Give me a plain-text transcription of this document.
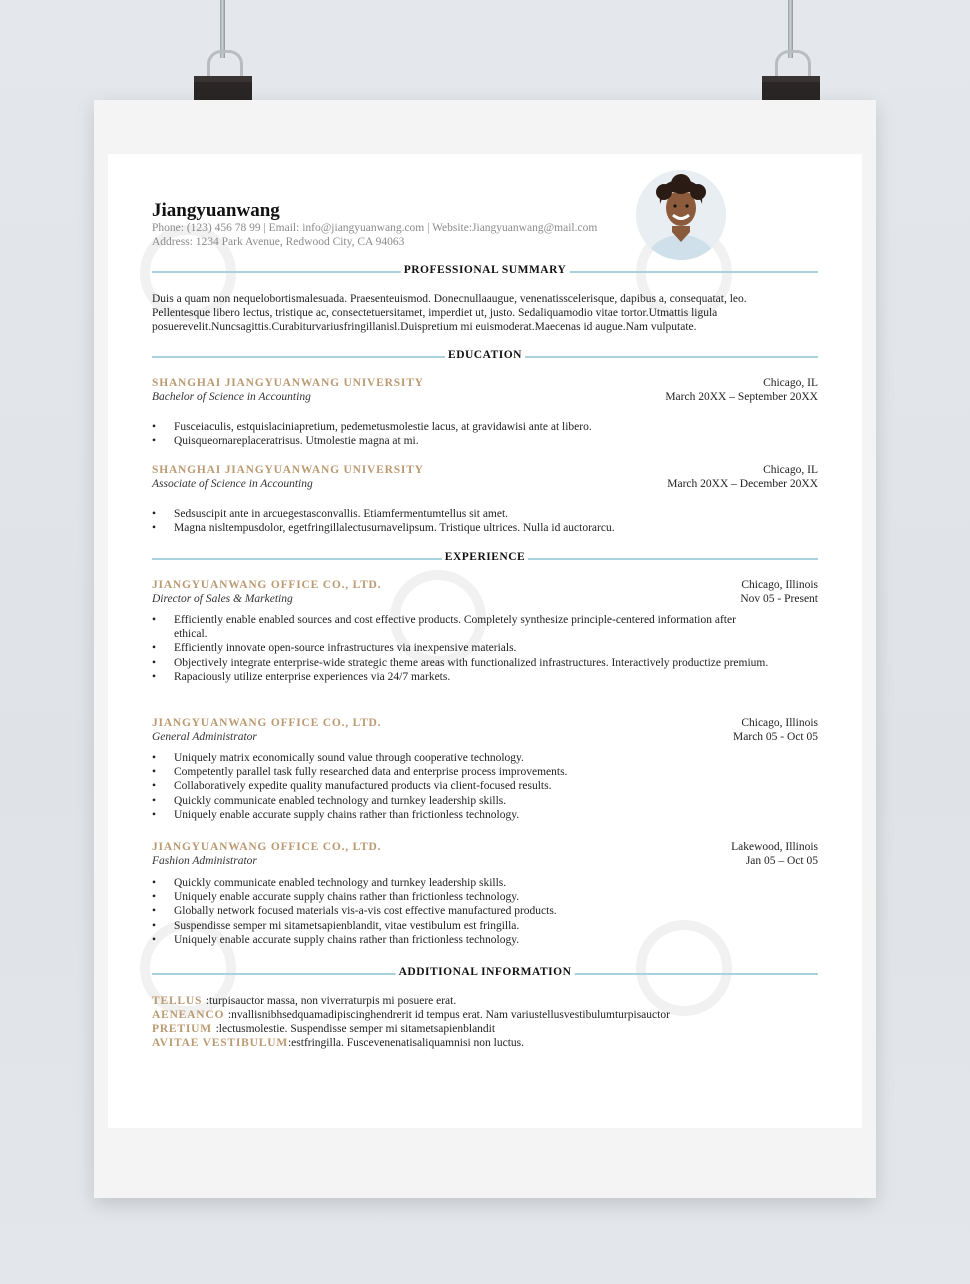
Jiangyuanwang
Phone: (123) 456 78 99 | Email: info@jiangyuanwang.com | Website:Jiangyuanwang@mail.com
Address: 1234 Park Avenue, Redwood City, CA 94063
PROFESSIONAL SUMMARY
Duis a quam non nequelobortismalesuada. Praesenteuismod. Donecnullaaugue, venenatisscelerisque, dapibus a, consequatat, leo.
Pellentesque libero lectus, tristique ac, consectetuersitamet, imperdiet ut, justo. Sedaliquamodio vitae tortor.Utmattis ligula
posuerevelit.Nuncsagittis.Curabiturvariusfringillanisl.Duispretium mi euismoderat.Maecenas id augue.Nam vulputate.
EDUCATION
SHANGHAI JIANGYUANWANG UNIVERSITY
Bachelor of Science in Accounting
Chicago, IL
March 20XX – September 20XX
• Fusceiaculis, estquislaciniapretium, pedemetusmolestie lacus, at gravidawisi ante at libero.
• Quisqueornareplaceratrisus. Utmolestie magna at mi.
SHANGHAI JIANGYUANWANG UNIVERSITY
Associate of Science in Accounting
Chicago, IL
March 20XX – December 20XX
• Sedsuscipit ante in arcuegestasconvallis. Etiamfermentumtellus sit amet.
• Magna nisltempusdolor, egetfringillalectusurnavelipsum. Tristique ultrices. Nulla id auctorarcu.
EXPERIENCE
JIANGYUANWANG OFFICE CO., LTD.
Director of Sales & Marketing
Chicago, Illinois
Nov 05 - Present
• Efficiently enable enabled sources and cost effective products. Completely synthesize principle-centered information after ethical.
• Efficiently innovate open-source infrastructures via inexpensive materials.
• Objectively integrate enterprise-wide strategic theme areas with functionalized infrastructures. Interactively productize premium.
• Rapaciously utilize enterprise experiences via 24/7 markets.
JIANGYUANWANG OFFICE CO., LTD.
General Administrator
Chicago, Illinois
March 05 - Oct 05
• Uniquely matrix economically sound value through cooperative technology.
• Competently parallel task fully researched data and enterprise process improvements.
• Collaboratively expedite quality manufactured products via client-focused results.
• Quickly communicate enabled technology and turnkey leadership skills.
• Uniquely enable accurate supply chains rather than frictionless technology.
JIANGYUANWANG OFFICE CO., LTD.
Fashion Administrator
Lakewood, Illinois
Jan 05 – Oct 05
• Quickly communicate enabled technology and turnkey leadership skills.
• Uniquely enable accurate supply chains rather than frictionless technology.
• Globally network focused materials vis-a-vis cost effective manufactured products.
• Suspendisse semper mi sitametsapienblandit, vitae vestibulum est fringilla.
• Uniquely enable accurate supply chains rather than frictionless technology.
ADDITIONAL INFORMATION
TELLUS :turpisauctor massa, non viverraturpis mi posuere erat.
AENEANCO :nvallisnibhsedquamadipiscinghendrerit id tempus erat. Nam variustellusvestibulumturpisauctor
PRETIUM :lectusmolestie. Suspendisse semper mi sitametsapienblandit
AVITAE VESTIBULUM:estfringilla. Fuscevenenatisaliquamnisi non luctus.
